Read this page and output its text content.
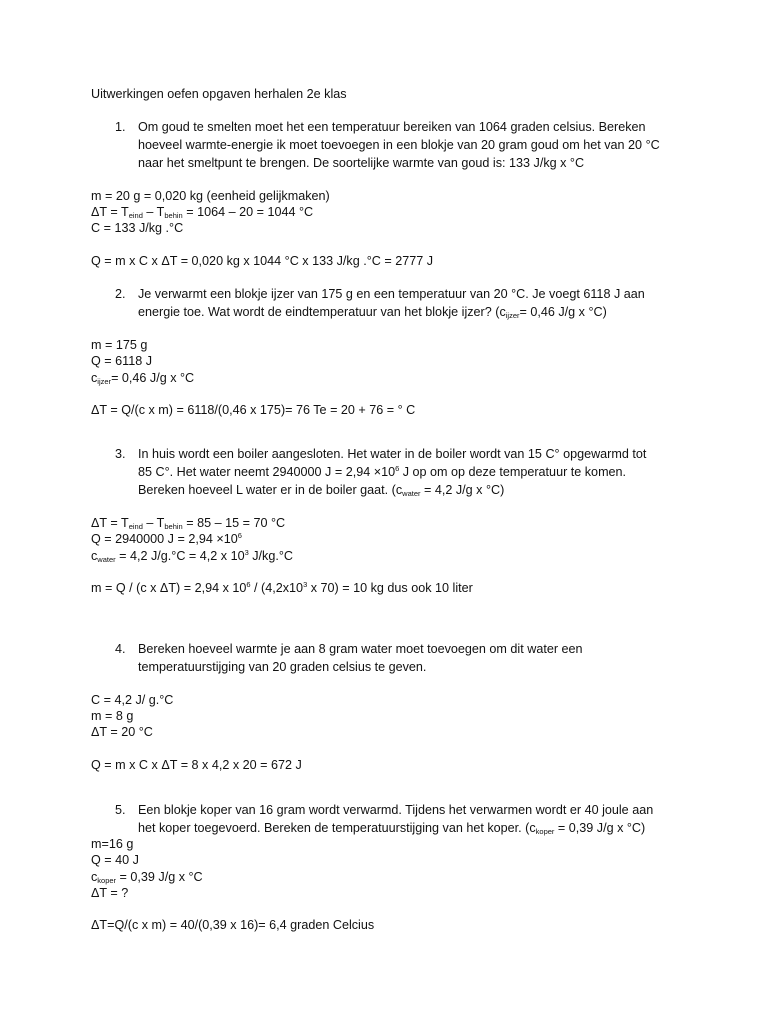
Uitwerkingen oefen opgaven herhalen 2e klas
1. Om goud te smelten moet het een temperatuur bereiken van 1064 graden celsius. Bereken
hoeveel warmte-energie ik moet toevoegen in een blokje van 20 gram goud om het van 20 °C
naar het smeltpunt te brengen. De soortelijke warmte van goud is: 133 J/kg x °C
m = 20 g = 0,020 kg (eenheid gelijkmaken)
$\Delta T = T_{eind} - T_{behin} = 1064 - 20 = 1044$ °C
C = 133 J/kg .°C
Q = m x C x ΔT = 0,020 kg x 1044 °C x 133 J/kg .°C = 2777 J
2. Je verwarmt een blokje ijzer van 175 g en een temperatuur van 20 °C. Je voegt 6118 J aan
energie toe. Wat wordt de eindtemperatuur van het blokje ijzer? ($c_{ijzer}= 0,46$ J/g x °C)
m = 175 g
Q = 6118 J
$c_{ijzer}= 0,46$ J/g x °C
ΔT = Q/(c x m) = 6118/(0,46 x 175)= 76 Te = 20 + 76 = ° C
3. In huis wordt een boiler aangesloten. Het water in de boiler wordt van 15 C° opgewarmd tot
85 C°. Het water neemt 2940000 $J = 2,94 \times 10^6$ J op om op deze temperatuur te komen.
Bereken hoeveel L water er in de boiler gaat. ($c_{water} = 4,2$ J/g x °C)
$\Delta T = T_{eind} - T_{behin} = 85 - 15 = 70$ °C
Q = 2940000 $J = 2,94 \times 10^6$
$c_{water} = 4,2$ J/g.°C = 4,2 x $10^3$ J/kg.°C
m = Q / (c x ΔT) = 2,94 x $10^6 / (4,2x10^3$ x 70) = 10 kg dus ook 10 liter
4. Bereken hoeveel warmte je aan 8 gram water moet toevoegen om dit water een
temperatuurstijging van 20 graden celsius te geven.
C = 4,2 J/ g.°C
m = 8 g
ΔT = 20 °C
Q = m x C x ΔT = 8 x 4,2 x 20 = 672 J
5. Een blokje koper van 16 gram wordt verwarmd. Tijdens het verwarmen wordt er 40 joule aan
het koper toegevoerd. Bereken de temperatuurstijging van het koper. ($c_{koper} = 0,39$ J/g x °C)
m=16 g
Q = 40 J
$c_{koper} = 0,39$ J/g x °C
ΔT = ?
ΔT=Q/(c x m) = 40/(0,39 x 16)= 6,4 graden Celcius
